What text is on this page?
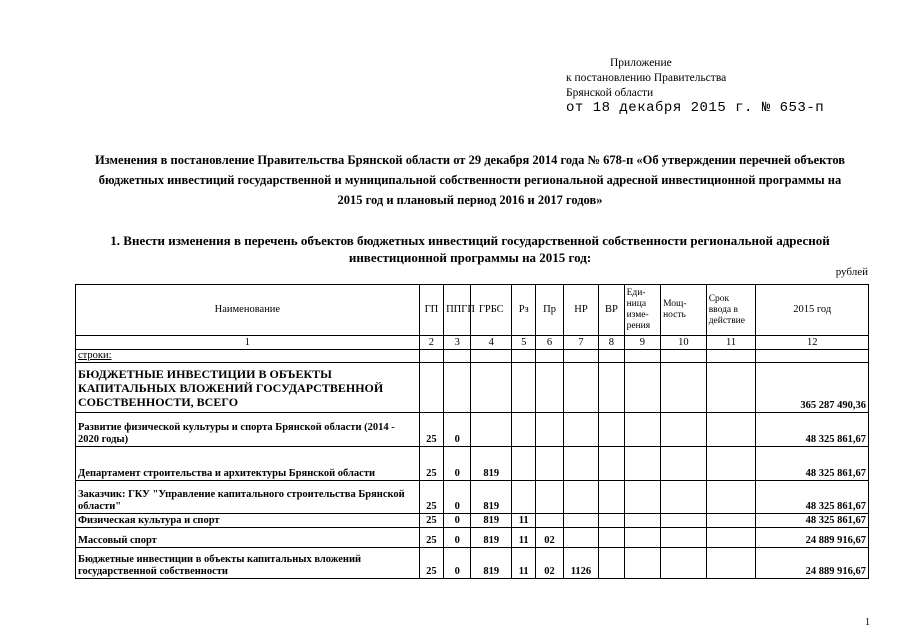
Приложение
к постановлению Правительства
Брянской области
от 18 декабря 2015 г. № 653-п
Изменения в постановление Правительства Брянской области от 29 декабря 2014 года № 678-п «Об утверждении перечней объектов бюджетных инвестиций государственной и муниципальной собственности региональной адресной инвестиционной программы на 2015 год и плановый период 2016 и 2017 годов»
1. Внести изменения в перечень объектов бюджетных инвестиций государственной собственности региональной адресной инвестиционной программы на 2015 год:
рублей
Наименование	ГП	ППГП	ГРБС	Рз	Пр	НР	ВР	Еди-ница изме-рения	Мощ-ность	Срок ввода в действие	2015 год
1	2	3	4	5	6	7	8	9	10	11	12
строки:											
БЮДЖЕТНЫЕ ИНВЕСТИЦИИ В ОБЪЕКТЫ КАПИТАЛЬНЫХ ВЛОЖЕНИЙ ГОСУДАРСТВЕННОЙ СОБСТВЕННОСТИ, ВСЕГО											365 287 490,36
Развитие физической культуры и спорта Брянской области (2014 - 2020 годы)	25	0									48 325 861,67
Департамент строительства и архитектуры Брянской области	25	0	819								48 325 861,67
Заказчик: ГКУ "Управление капитального строительства Брянской области"	25	0	819								48 325 861,67
Физическая культура и спорт	25	0	819	11							48 325 861,67
Массовый спорт	25	0	819	11	02						24 889 916,67
Бюджетные инвестиции в объекты капитальных вложений государственной собственности	25	0	819	11	02	1126					24 889 916,67
1
